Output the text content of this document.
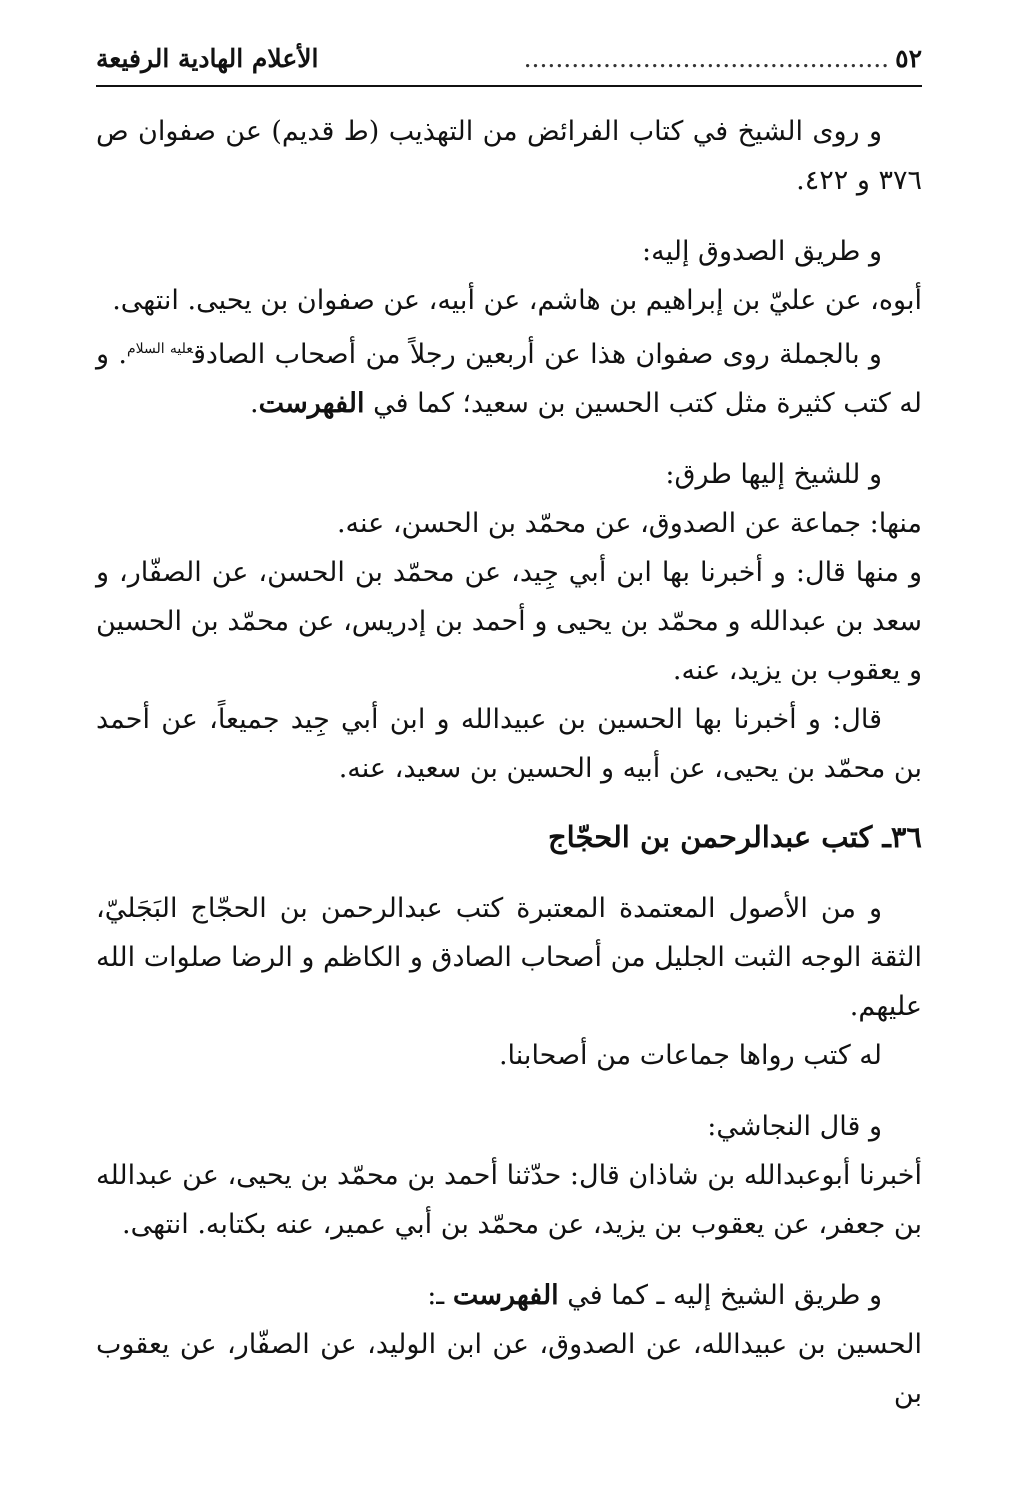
٥٢
..............................................
الأعلام الهادية الرفيعة

و روى الشيخ في كتاب الفرائض من التهذيب (ط قديم) عن صفوان ص ٣٧٦ و ٤٢٢.

و طريق الصدوق إليه:

أبوه، عن عليّ بن إبراهيم بن هاشم، عن أبيه، عن صفوان بن يحيى. انتهى.

و بالجملة روى صفوان هذا عن أربعين رجلاً من أصحاب الصادق$^{عليه السلام}$. و له كتب كثيرة مثل كتب الحسين بن سعيد؛ كما في الفهرست.

و للشيخ إليها طرق:

منها: جماعة عن الصدوق، عن محمّد بن الحسن، عنه.

و منها قال: و أخبرنا بها ابن أبي جِيد، عن محمّد بن الحسن، عن الصفّار، و سعد بن عبدالله و محمّد بن يحيى و أحمد بن إدريس، عن محمّد بن الحسين و يعقوب بن يزيد، عنه.

قال: و أخبرنا بها الحسين بن عبيدالله و ابن أبي جِيد جميعاً، عن أحمد بن محمّد بن يحيى، عن أبيه و الحسين بن سعيد، عنه.

٣٦ـ كتب عبدالرحمن بن الحجّاج

و من الأصول المعتمدة المعتبرة كتب عبدالرحمن بن الحجّاج البَجَليّ، الثقة الوجه الثبت الجليل من أصحاب الصادق و الكاظم و الرضا صلوات الله عليهم.

له كتب رواها جماعات من أصحابنا.

و قال النجاشي:

أخبرنا أبوعبدالله بن شاذان قال: حدّثنا أحمد بن محمّد بن يحيى، عن عبدالله بن جعفر، عن يعقوب بن يزيد، عن محمّد بن أبي عمير، عنه بكتابه. انتهى.

و طريق الشيخ إليه ـ كما في الفهرست ـ:

الحسين بن عبيدالله، عن الصدوق، عن ابن الوليد، عن الصفّار، عن يعقوب بن
